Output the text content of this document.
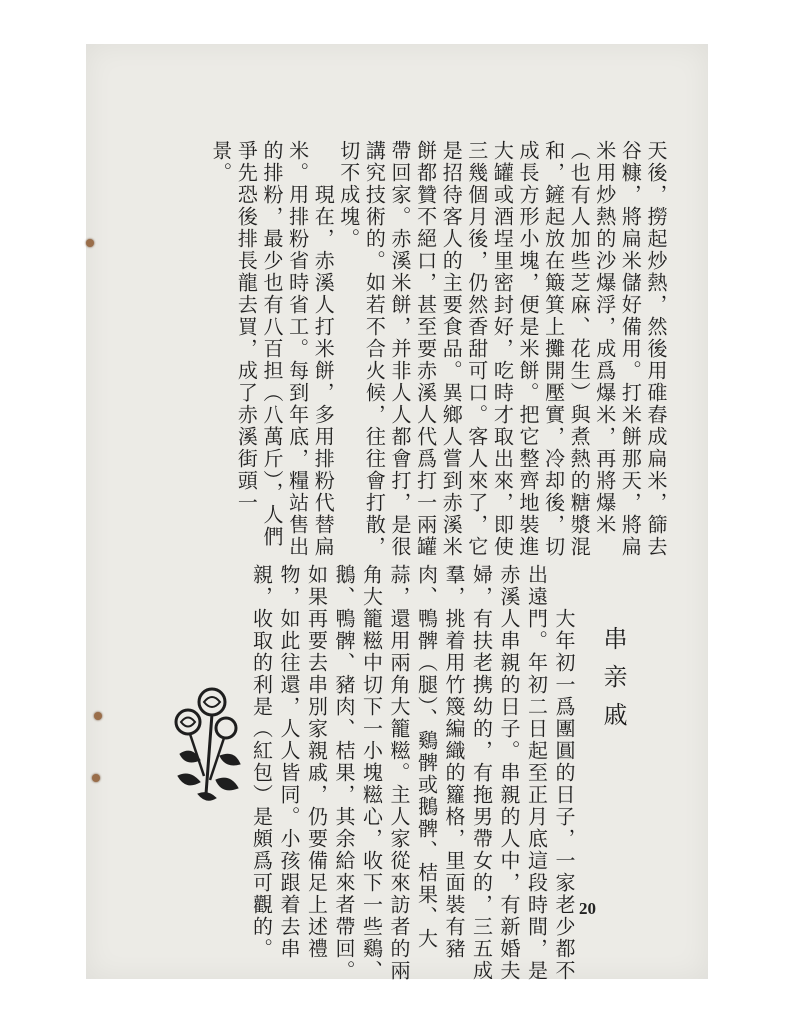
天後，撈起炒熱，然後用碓舂成扁米，篩去
谷糠，將扁米儲好備用。打米餅那天，將扁
米用炒熱的沙爆浮，成爲爆米，再將爆米
（也有人加些芝麻、花生）與煮熱的糖漿混
和，鏟起放在簸箕上攤開壓實，冷却後，切
成長方形小塊，便是米餅。把它整齊地裝進
大罐或酒埕里密封好，吃時才取出來，即使
三幾個月後，仍然香甜可口。客人來了，它
是招待客人的主要食品。異鄉人嘗到赤溪米
餅都贊不絕口，甚至要赤溪人代爲打一兩罐
帶回家。赤溪米餅，并非人人都會打，是很
講究技術的。如若不合火候，往往會打散，
切不成塊。
　　現在，赤溪人打米餅，多用排粉代替扁
米。用排粉省時省工。每到年底，糧站售出
的排粉，最少也有八百担（八萬斤），人們
爭先恐後排長龍去買，成了赤溪街頭一
景。
串亲戚
　　大年初一爲團圓的日子，一家老少都不
出遠門。年初二日起至正月底這段時間，是
赤溪人串親的日子。串親的人中，有新婚夫
婦，有扶老携幼的，有拖男帶女的，三五成
羣，挑着用竹篾編織的籮格，里面裝有豬
肉、鴨髀（腿）、鷄髀或鵝髀、桔果、大
蒜，還用兩角大籠糍。主人家從來訪者的兩
角大籠糍中切下一小塊糍心，收下一些鷄、
鵝、鴨髀、豬肉、桔果，其余給來者帶回。
如果再要去串別家親戚，仍要備足上述禮
物，如此往還，人人皆同。小孩跟着去串
親，收取的利是（紅包）是頗爲可觀的。	20
